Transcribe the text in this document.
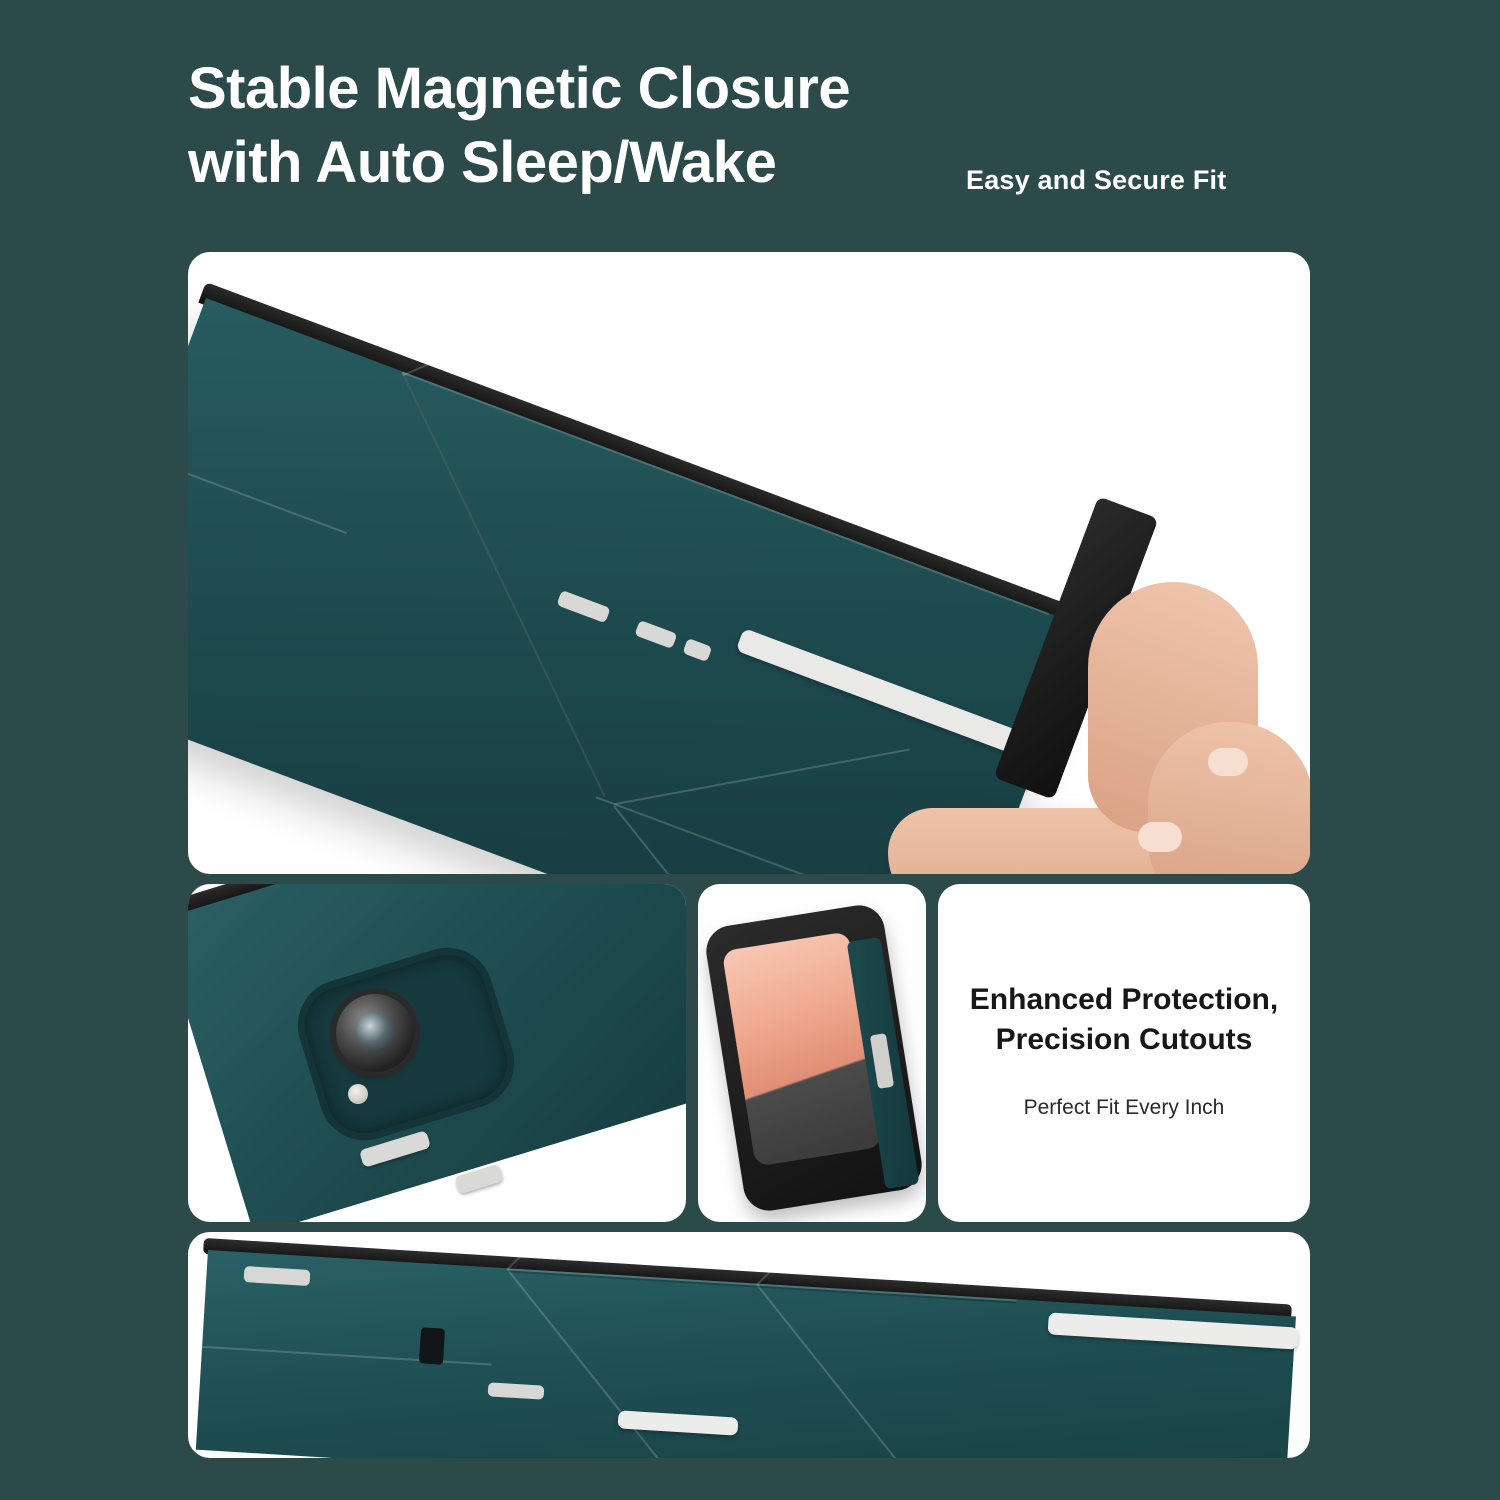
Stable Magnetic Closure
with Auto Sleep/Wake	Easy and Secure Fit
Enhanced Protection,
Precision Cutouts
Perfect Fit Every Inch
